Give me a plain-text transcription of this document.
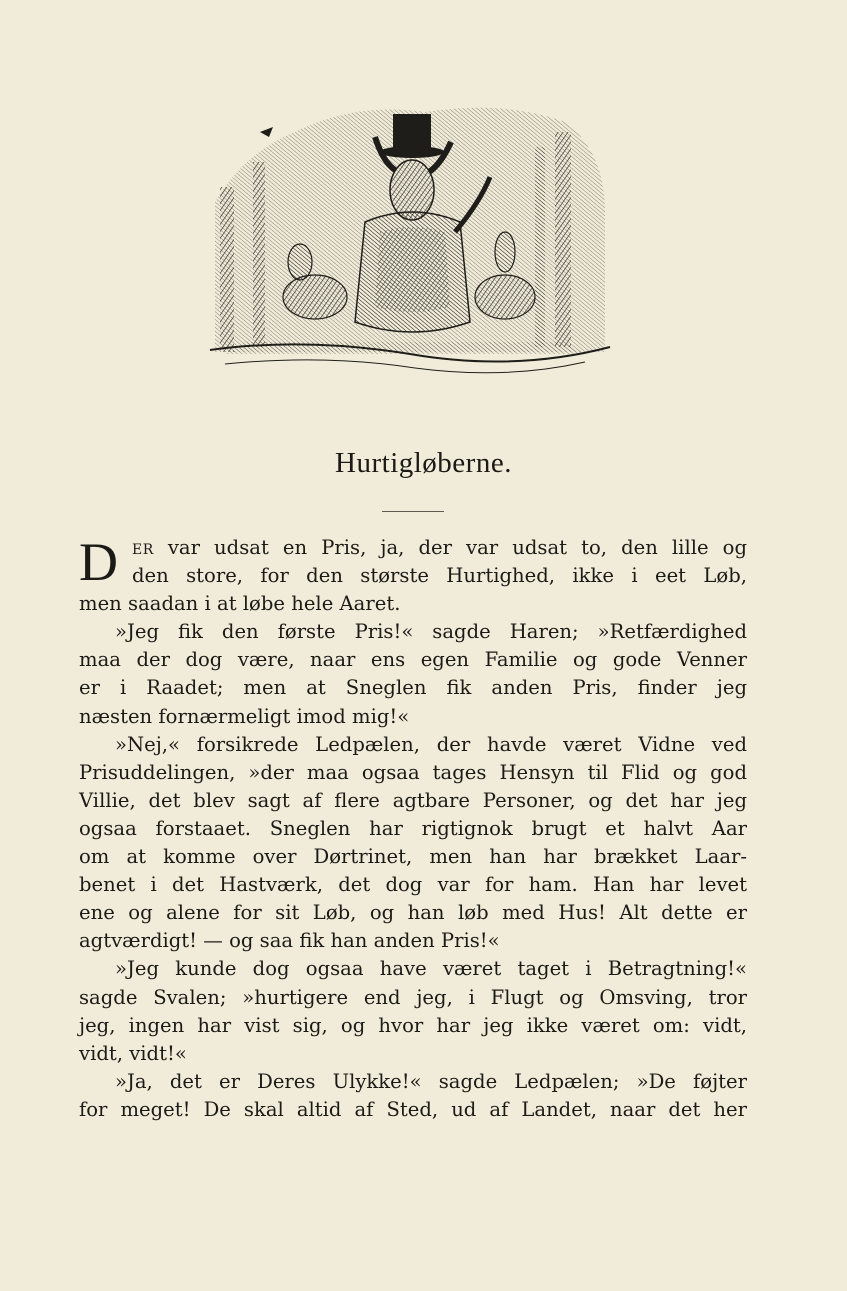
Hurtigløberne.
D	ER var udsat en Pris, ja, der var udsat to, den lille og
den store, for den største Hurtighed, ikke i eet Løb,
men saadan i at løbe hele Aaret.
»Jeg fik den første Pris!« sagde Haren; »Retfærdighed
maa der dog være, naar ens egen Familie og gode Venner
er i Raadet; men at Sneglen fik anden Pris, finder jeg
næsten fornærmeligt imod mig!«
»Nej,« forsikrede Ledpælen, der havde været Vidne ved
Prisuddelingen, »der maa ogsaa tages Hensyn til Flid og god
Villie, det blev sagt af flere agtbare Personer, og det har jeg
ogsaa forstaaet. Sneglen har rigtignok brugt et halvt Aar
om at komme over Dørtrinet, men han har brækket Laar-
benet i det Hastværk, det dog var for ham. Han har levet
ene og alene for sit Løb, og han løb med Hus! Alt dette er
agtværdigt! — og saa fik han anden Pris!«
»Jeg kunde dog ogsaa have været taget i Betragtning!«
sagde Svalen; »hurtigere end jeg, i Flugt og Omsving, tror
jeg, ingen har vist sig, og hvor har jeg ikke været om: vidt,
vidt, vidt!«
»Ja, det er Deres Ulykke!« sagde Ledpælen; »De føjter
for meget! De skal altid af Sted, ud af Landet, naar det her
